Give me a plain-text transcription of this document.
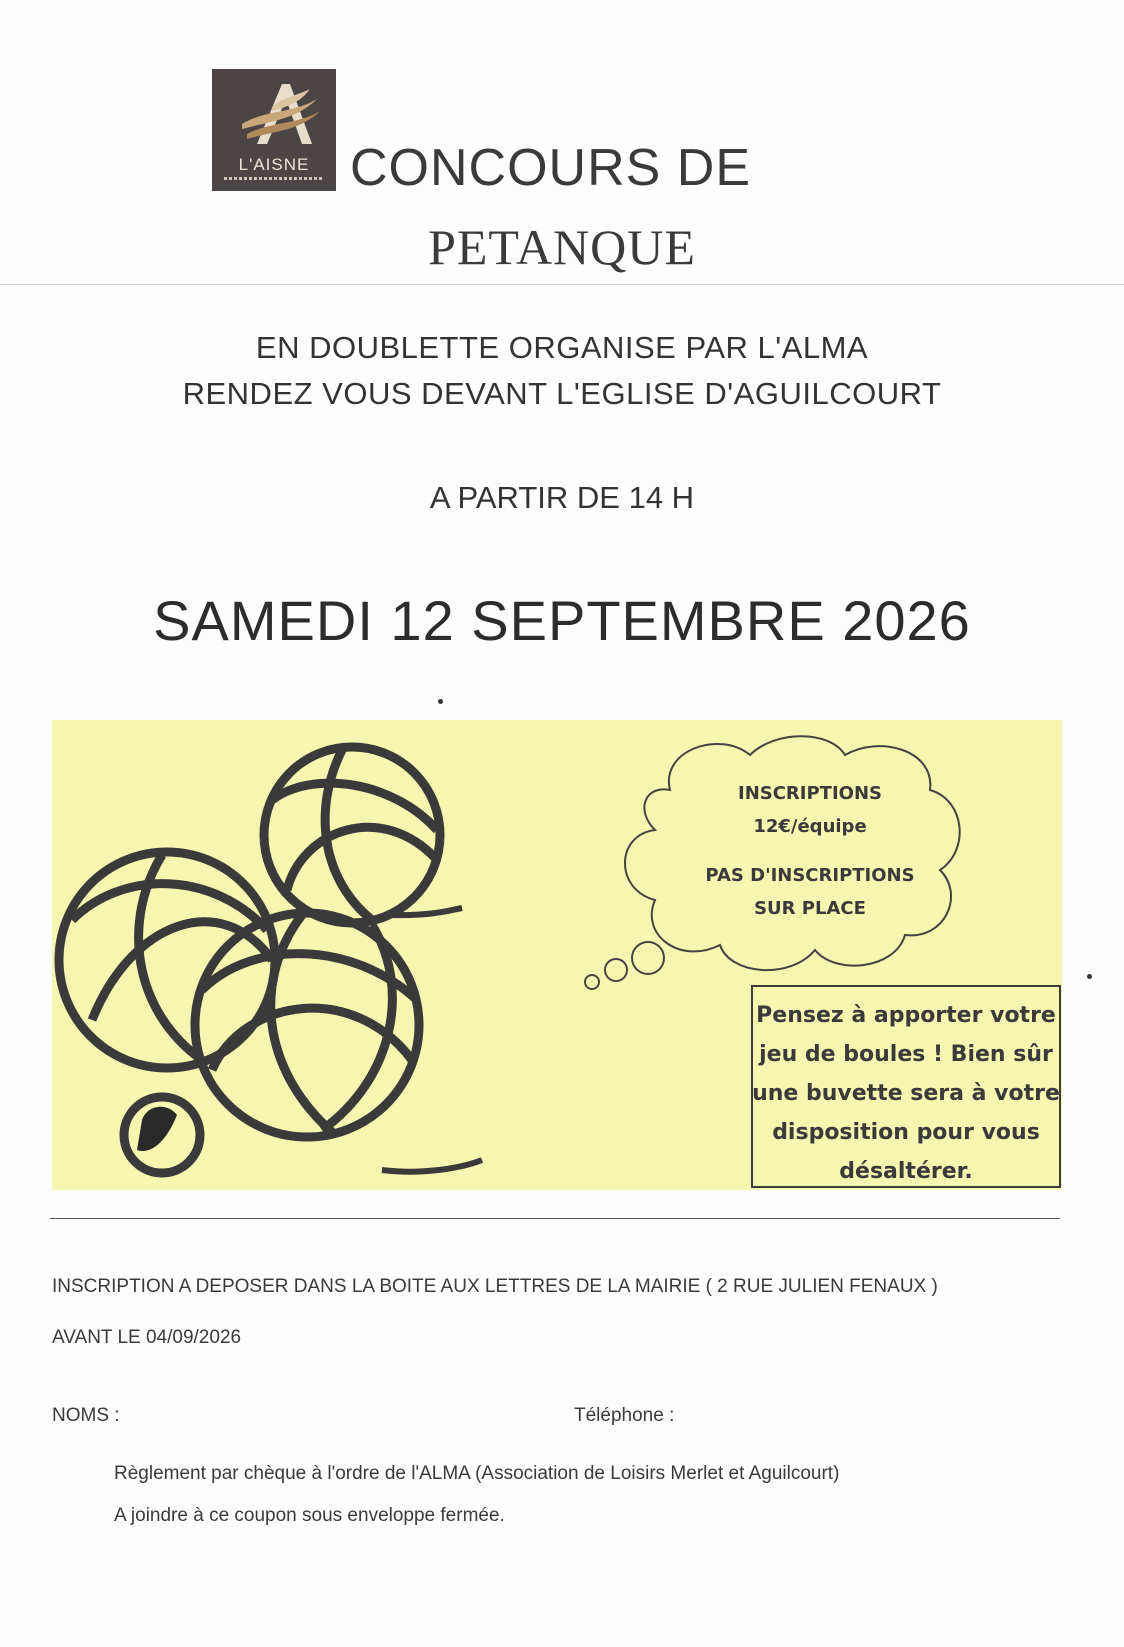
L'AISNE CONCOURS DE
PETANQUE
EN DOUBLETTE ORGANISE PAR L'ALMA
RENDEZ VOUS DEVANT L'EGLISE D'AGUILCOURT
A PARTIR DE 14 H
SAMEDI 12 SEPTEMBRE 2026
INSCRIPTIONS
12€/équipe
PAS D'INSCRIPTIONS
SUR PLACE
Pensez à apporter votre
jeu de boules ! Bien sûr
une buvette sera à votre
disposition pour vous
désaltérer.
INSCRIPTION A DEPOSER DANS LA BOITE AUX LETTRES DE LA MAIRIE ( 2 RUE JULIEN FENAUX )
AVANT LE 04/09/2026
NOMS :	Téléphone :
Règlement par chèque à l'ordre de l'ALMA (Association de Loisirs Merlet et Aguilcourt)
A joindre à ce coupon sous enveloppe fermée.
